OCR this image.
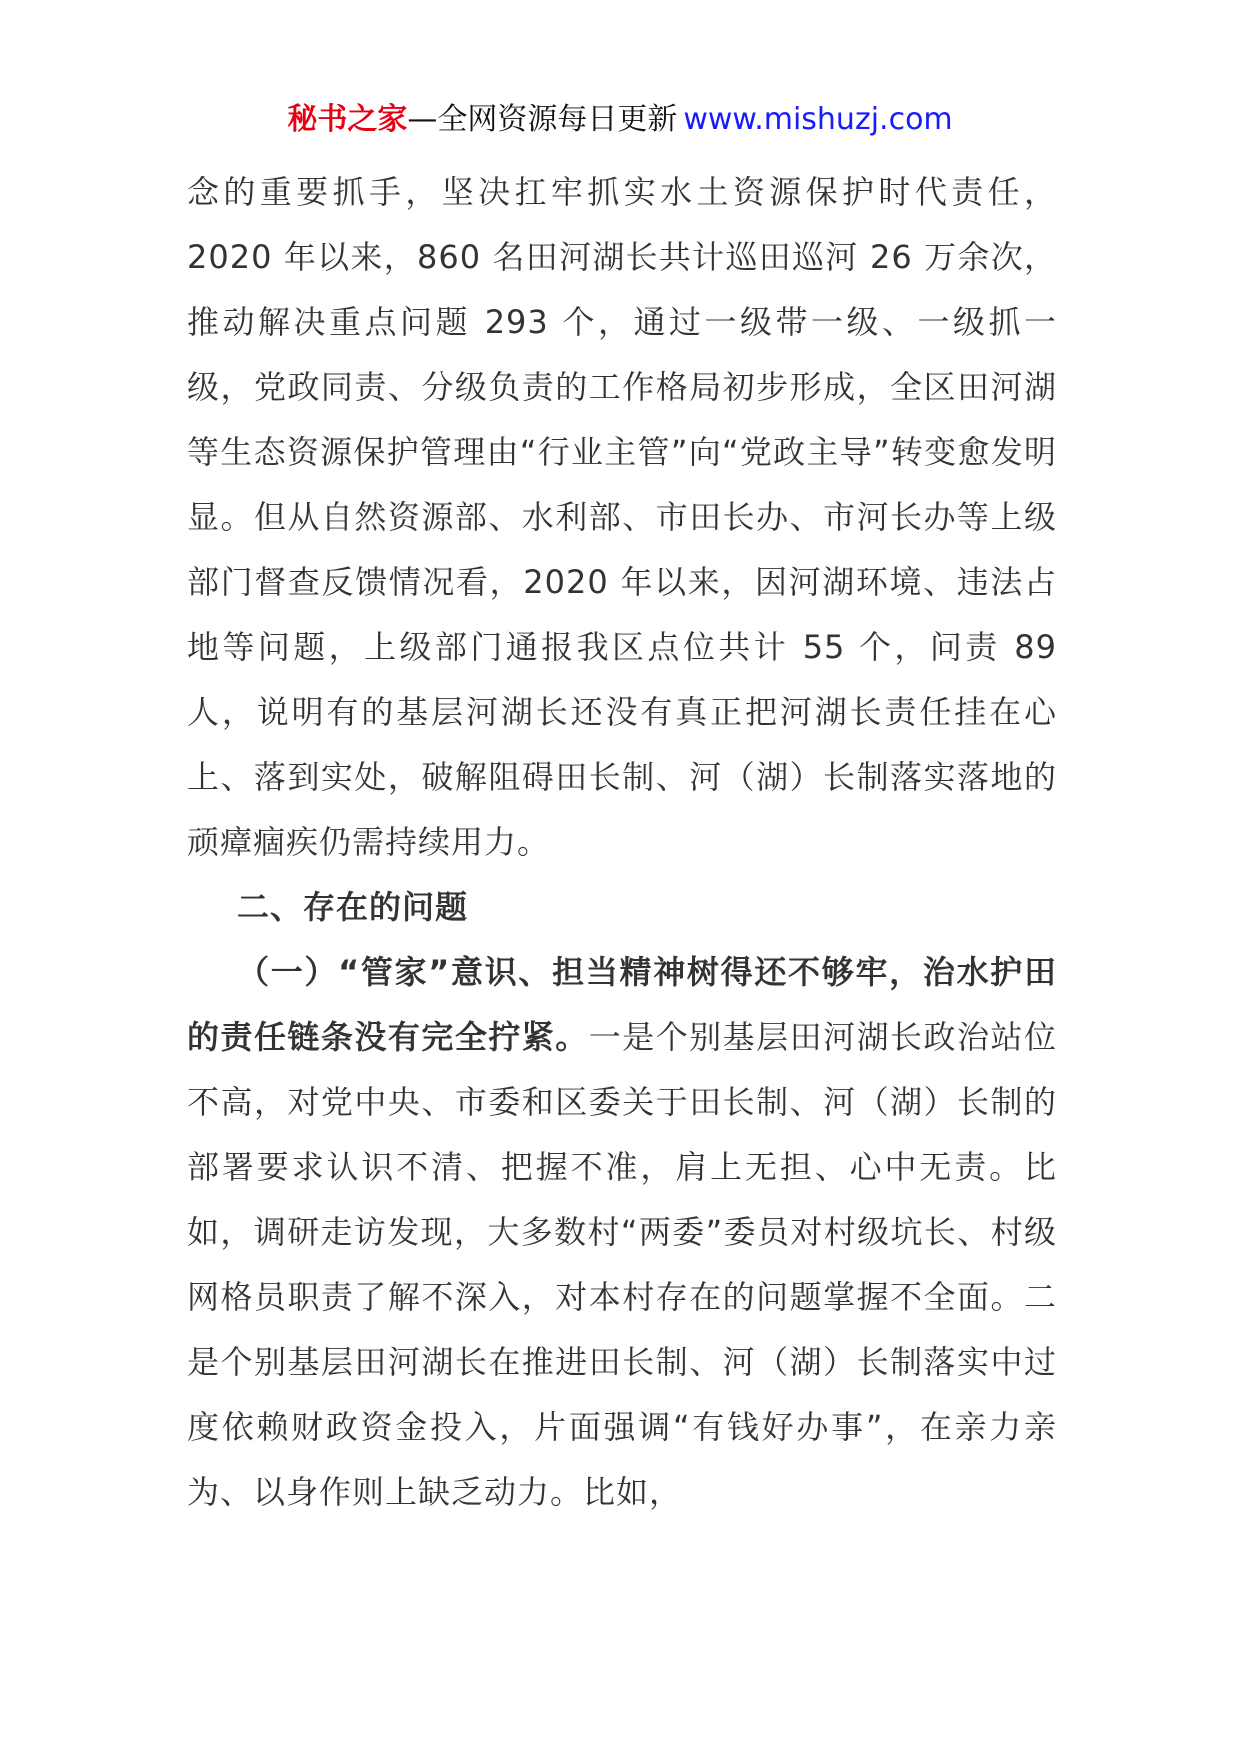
秘书之家—全网资源每日更新 www.mishuzj.com

念的重要抓手，坚决扛牢抓实水土资源保护时代责任，2020 年以来，860 名田河湖长共计巡田巡河 26 万余次，推动解决重点问题 293 个，通过一级带一级、一级抓一级，党政同责、分级负责的工作格局初步形成，全区田河湖等生态资源保护管理由“行业主管”向“党政主导”转变愈发明显。但从自然资源部、水利部、市田长办、市河长办等上级部门督查反馈情况看，2020 年以来，因河湖环境、违法占地等问题，上级部门通报我区点位共计 55 个，问责 89 人，说明有的基层河湖长还没有真正把河湖长责任挂在心上、落到实处，破解阻碍田长制、河（湖）长制落实落地的顽瘴痼疾仍需持续用力。

二、存在的问题

（一）“管家”意识、担当精神树得还不够牢，治水护田的责任链条没有完全拧紧。一是个别基层田河湖长政治站位不高，对党中央、市委和区委关于田长制、河（湖）长制的部署要求认识不清、把握不准，肩上无担、心中无责。比如，调研走访发现，大多数村“两委”委员对村级坑长、村级网格员职责了解不深入，对本村存在的问题掌握不全面。二是个别基层田河湖长在推进田长制、河（湖）长制落实中过度依赖财政资金投入，片面强调“有钱好办事”，在亲力亲为、以身作则上缺乏动力。比如，
